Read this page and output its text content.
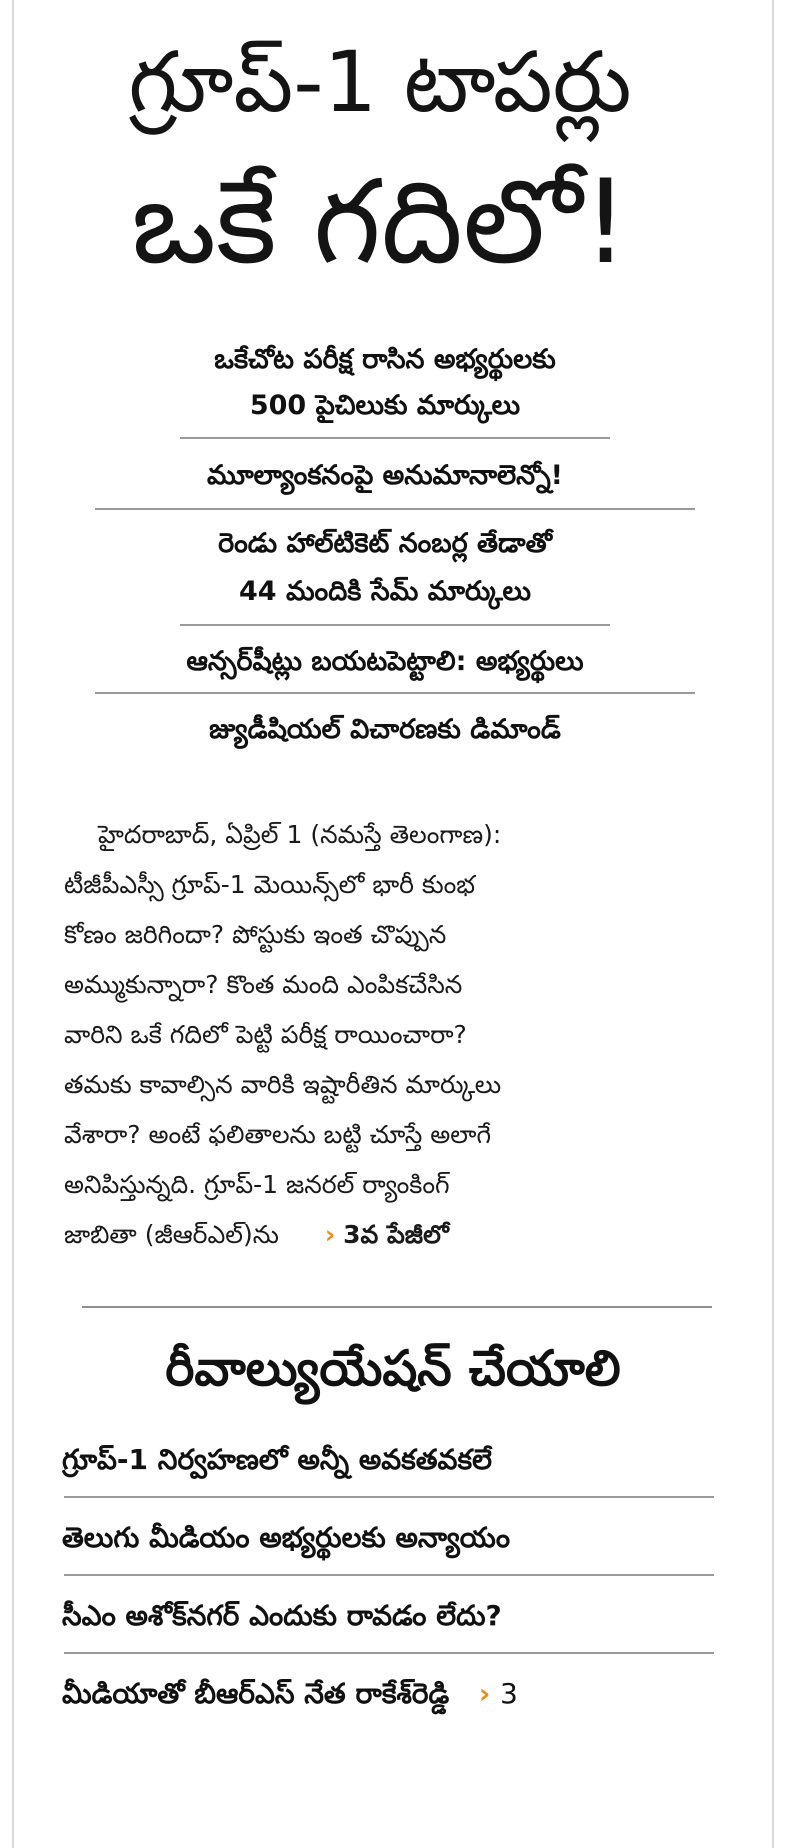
గ్రూప్‌-1 టాపర్లు
ఒకే గదిలో!
ఒకేచోట పరీక్ష రాసిన అభ్యర్థులకు
500 పైచిలుకు మార్కులు
మూల్యాంకనంపై అనుమానాలెన్నో!
రెండు హాల్‌టికెట్‌ నంబర్ల తేడాతో
44 మందికి సేమ్‌ మార్కులు
ఆన్సర్‌షీట్లు బయటపెట్టాలి: అభ్యర్థులు
జ్యుడీషియల్‌ విచారణకు డిమాండ్‌
హైదరాబాద్‌, ఏప్రిల్‌ 1 (నమస్తే తెలంగాణ):
టీజీపీఎస్సీ గ్రూప్‌-1 మెయిన్స్‌లో భారీ కుంభ
కోణం జరిగిందా? పోస్టుకు ఇంత చొప్పున
అమ్ముకున్నారా? కొంత మంది ఎంపికచేసిన
వారిని ఒకే గదిలో పెట్టి పరీక్ష రాయించారా?
తమకు కావాల్సిన వారికి ఇష్టారీతిన మార్కులు
వేశారా? అంటే ఫలితాలను బట్టి చూస్తే అలాగే
అనిపిస్తున్నది. గ్రూప్‌-1 జనరల్‌ ర్యాంకింగ్‌
జాబితా (జీఆర్‌ఎల్‌)ను › 3వ పేజీలో
రీవాల్యుయేషన్‌ చేయాలి
గ్రూప్‌-1 నిర్వహణలో అన్నీ అవకతవకలే
తెలుగు మీడియం అభ్యర్థులకు అన్యాయం
సీఎం అశోక్‌నగర్‌ ఎందుకు రావడం లేదు?
మీడియాతో బీఆర్‌ఎస్‌ నేత రాకేశ్‌రెడ్డి › 3
